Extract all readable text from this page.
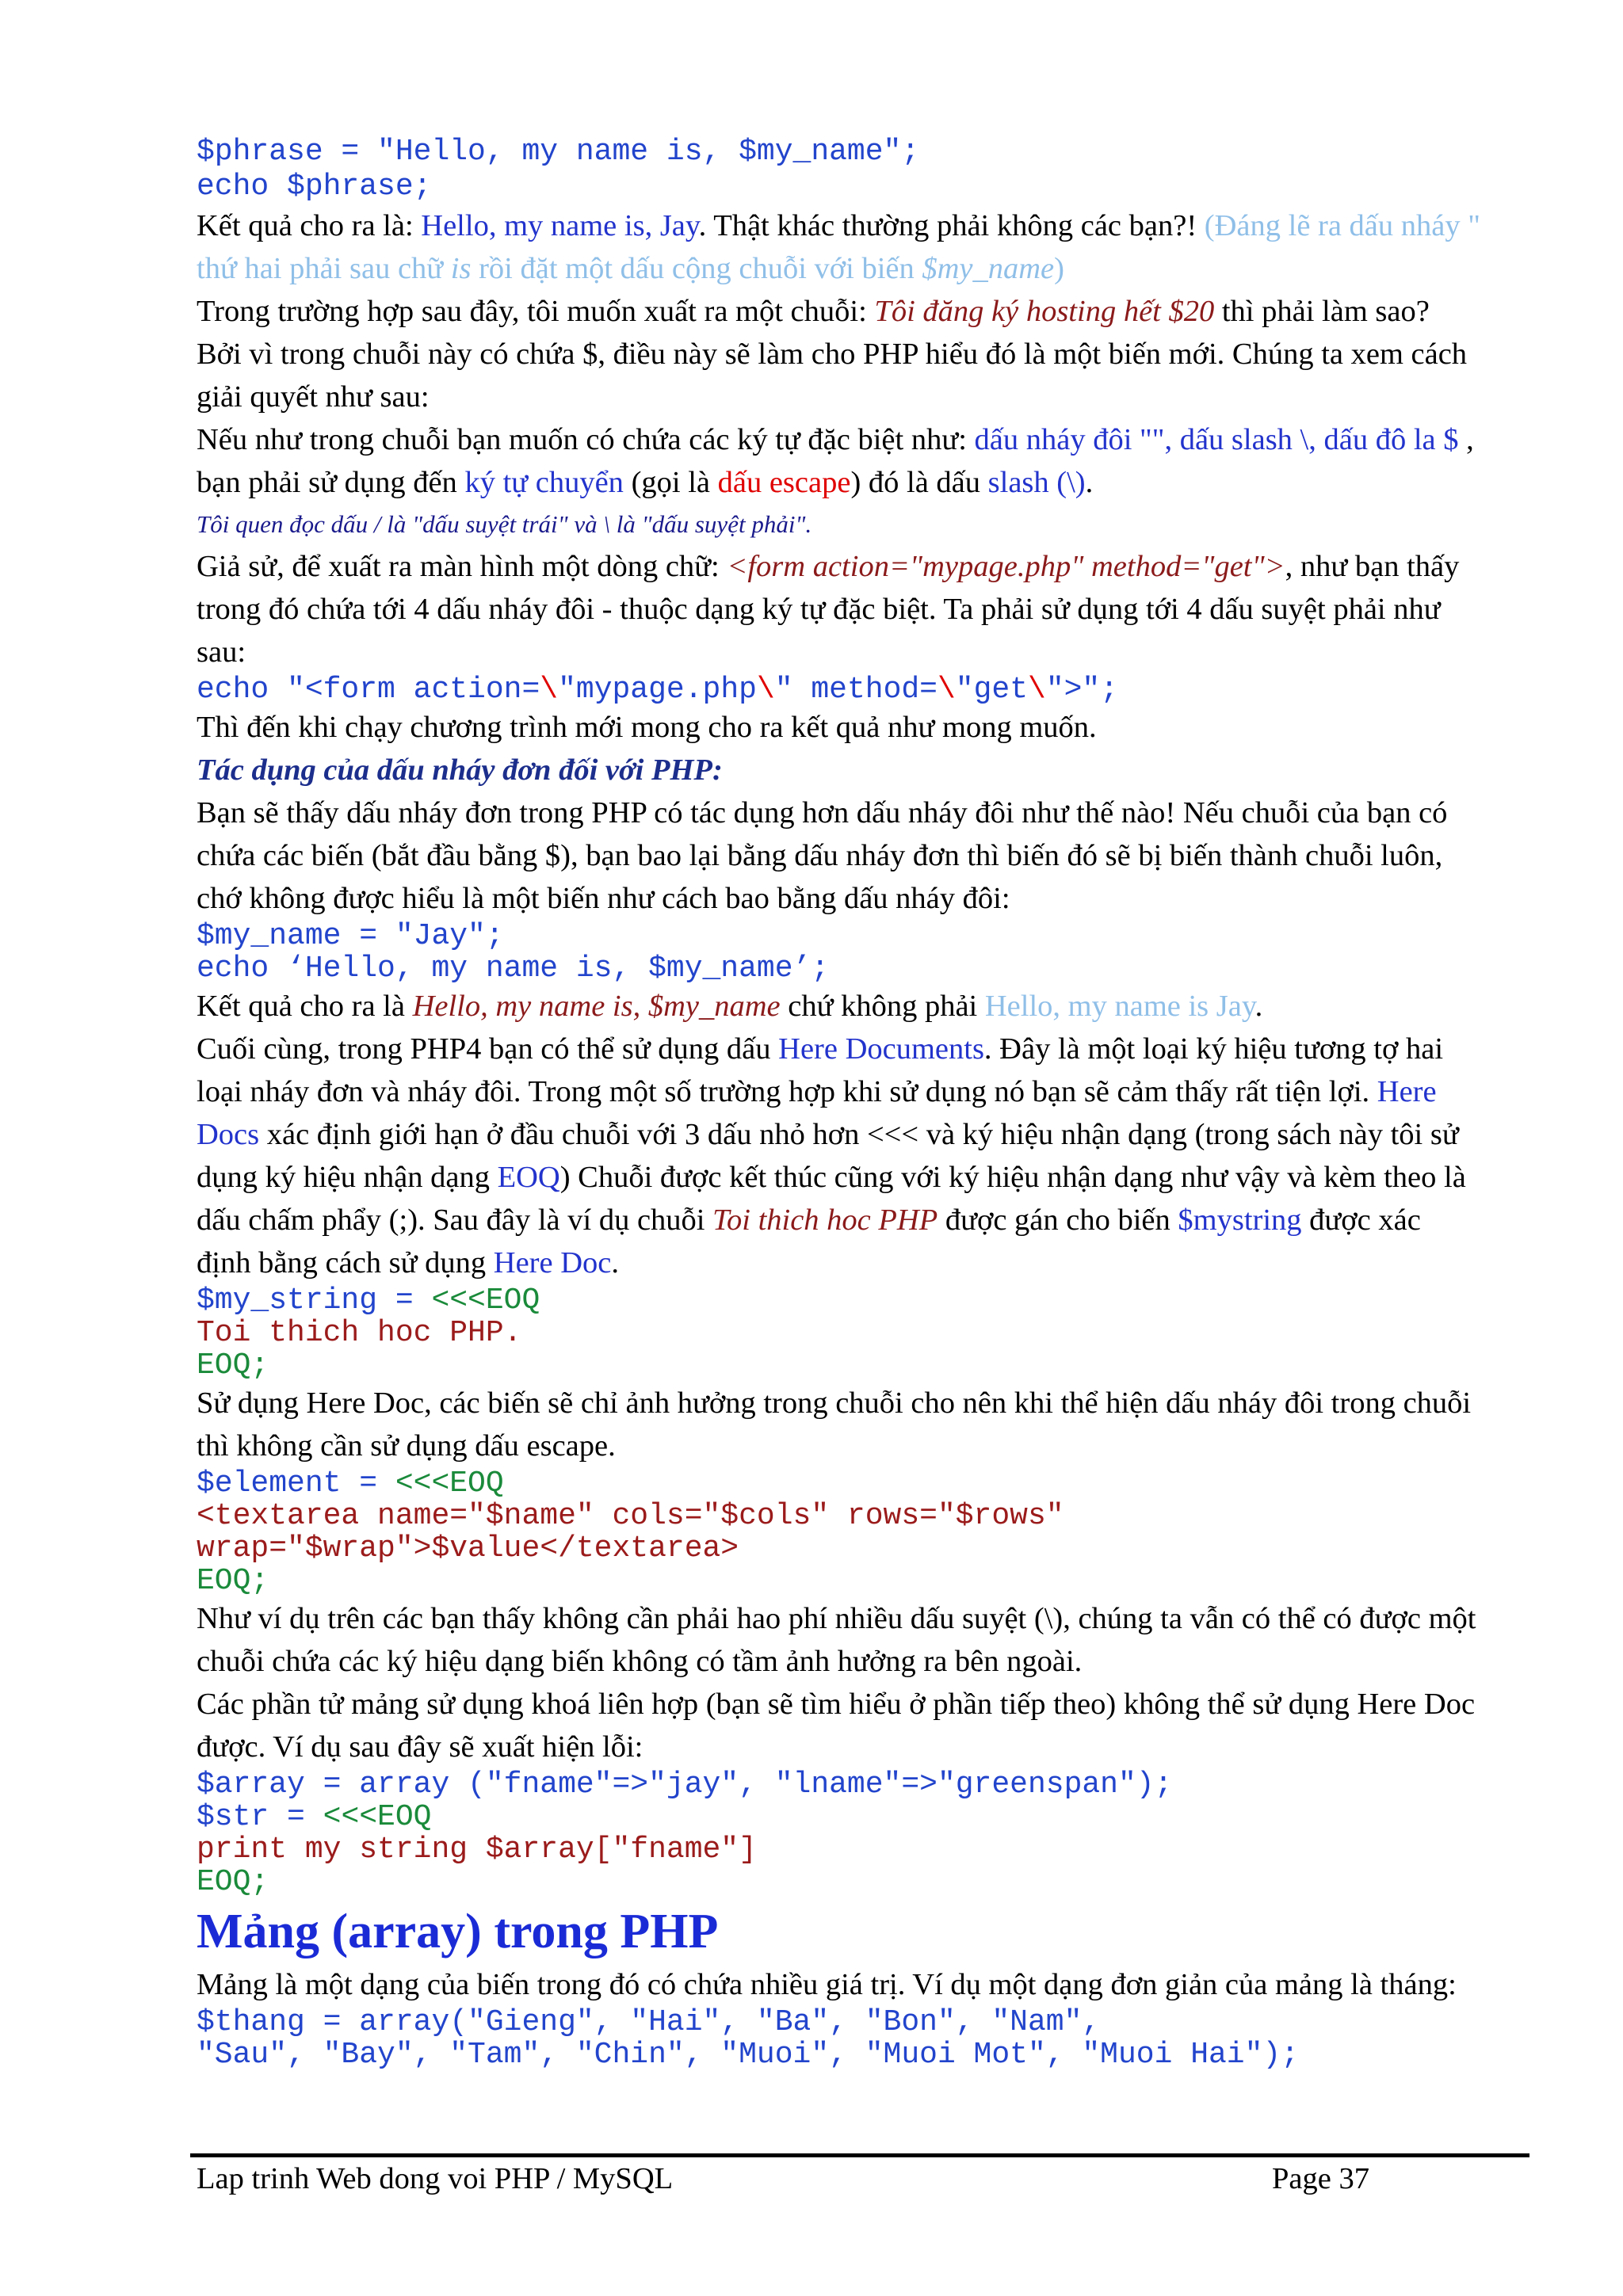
$phrase = "Hello, my name is, $my_name";
echo $phrase;

Kết quả cho ra là: Hello, my name is, Jay. Thật khác thường phải không các bạn?! (Đáng lẽ ra dấu nháy " thứ hai phải sau chữ is rồi đặt một dấu cộng chuỗi với biến $my_name)

Trong trường hợp sau đây, tôi muốn xuất ra một chuỗi: Tôi đăng ký hosting hết $20 thì phải làm sao? Bởi vì trong chuỗi này có chứa $, điều này sẽ làm cho PHP hiểu đó là một biến mới. Chúng ta xem cách giải quyết như sau:

Nếu như trong chuỗi bạn muốn có chứa các ký tự đặc biệt như: dấu nháy đôi "", dấu slash \, dấu đô la $ , bạn phải sử dụng đến ký tự chuyển (gọi là dấu escape) đó là dấu slash (\).

Tôi quen đọc dấu / là "dấu suyệt trái" và \ là "dấu suyệt phải".

Giả sử, để xuất ra màn hình một dòng chữ: <form action="mypage.php" method="get">, như bạn thấy trong đó chứa tới 4 dấu nháy đôi - thuộc dạng ký tự đặc biệt. Ta phải sử dụng tới 4 dấu suyệt phải như sau:

echo "<form action=\"mypage.php\" method=\"get\">";

Thì đến khi chạy chương trình mới mong cho ra kết quả như mong muốn.

Tác dụng của dấu nháy đơn đối với PHP:

Bạn sẽ thấy dấu nháy đơn trong PHP có tác dụng hơn dấu nháy đôi như thế nào! Nếu chuỗi của bạn có chứa các biến (bắt đầu bằng $), bạn bao lại bằng dấu nháy đơn thì biến đó sẽ bị biến thành chuỗi luôn, chớ không được hiểu là một biến như cách bao bằng dấu nháy đôi:

$my_name = "Jay";
echo ‘Hello, my name is, $my_name’;

Kết quả cho ra là Hello, my name is, $my_name chứ không phải Hello, my name is Jay.

Cuối cùng, trong PHP4 bạn có thể sử dụng dấu Here Documents. Đây là một loại ký hiệu tương tợ hai loại nháy đơn và nháy đôi. Trong một số trường hợp khi sử dụng nó bạn sẽ cảm thấy rất tiện lợi. Here Docs xác định giới hạn ở đầu chuỗi với 3 dấu nhỏ hơn <<< và ký hiệu nhận dạng (trong sách này tôi sử dụng ký hiệu nhận dạng EOQ) Chuỗi được kết thúc cũng với ký hiệu nhận dạng như vậy và kèm theo là dấu chấm phẩy (;). Sau đây là ví dụ chuỗi Toi thich hoc PHP được gán cho biến $mystring được xác định bằng cách sử dụng Here Doc.

$my_string = <<<EOQ
Toi thich hoc PHP.
EOQ;

Sử dụng Here Doc, các biến sẽ chỉ ảnh hưởng trong chuỗi cho nên khi thể hiện dấu nháy đôi trong chuỗi thì không cần sử dụng dấu escape.

$element = <<<EOQ
<textarea name="$name" cols="$cols" rows="$rows"
wrap="$wrap">$value</textarea>
EOQ;

Như ví dụ trên các bạn thấy không cần phải hao phí nhiều dấu suyệt (\), chúng ta vẫn có thể có được một chuỗi chứa các ký hiệu dạng biến không có tầm ảnh hưởng ra bên ngoài.

Các phần tử mảng sử dụng khoá liên hợp (bạn sẽ tìm hiểu ở phần tiếp theo) không thể sử dụng Here Doc được. Ví dụ sau đây sẽ xuất hiện lỗi:

$array = array ("fname"=>"jay", "lname"=>"greenspan");
$str = <<<EOQ
print my string $array["fname"]
EOQ;
Mảng (array) trong PHP

Mảng là một dạng của biến trong đó có chứa nhiều giá trị. Ví dụ một dạng đơn giản của mảng là tháng:

$thang = array("Gieng", "Hai", "Ba", "Bon", "Nam",
"Sau", "Bay", "Tam", "Chin", "Muoi", "Muoi Mot", "Muoi Hai");
Lap trinh Web dong voi PHP / MySQL	Page 37
